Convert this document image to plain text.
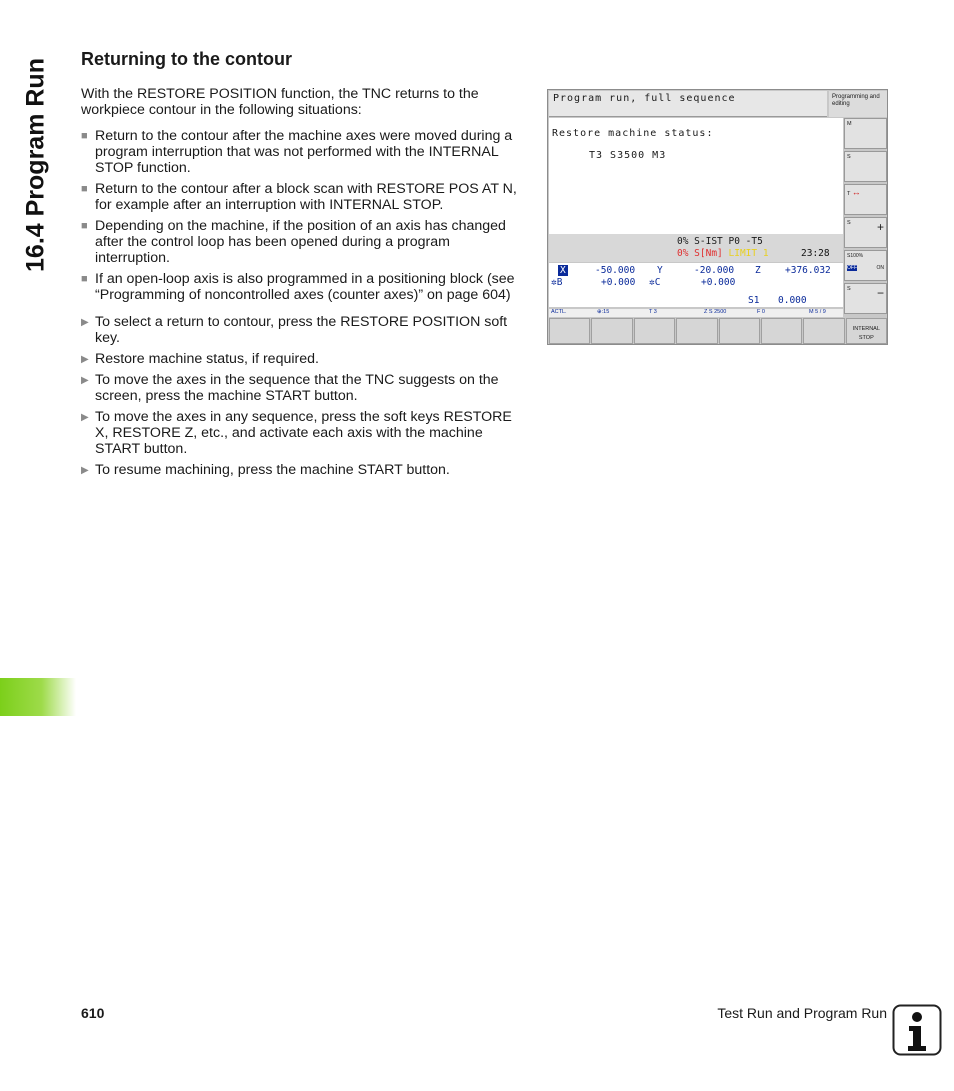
16.4 Program Run Returning to the contour

With the RESTORE POSITION function, the TNC returns to the workpiece contour in the following situations:

■ Return to the contour after the machine axes were moved during a program interruption that was not performed with the INTERNAL STOP function.
■ Return to the contour after a block scan with RESTORE POS AT N, for example after an interruption with INTERNAL STOP.
■ Depending on the machine, if the position of an axis has changed after the control loop has been opened during a program interruption.
■ If an open-loop axis is also programmed in a positioning block (see “Programming of noncontrolled axes (counter axes)” on page 604)
▶ To select a return to contour, press the RESTORE POSITION soft key.
▶ Restore machine status, if required.
▶ To move the axes in the sequence that the TNC suggests on the screen, press the machine START button.
▶ To move the axes in any sequence, press the soft keys RESTORE X, RESTORE Z, etc., and activate each axis with the machine START button.
▶ To resume machining, press the machine START button.
Program run, full sequence	Programming and editing
Restore machine status:
T3 S3500 M3
0% S-IST P0 -T5
0% S[Nm] LIMIT 1	23:28
X	-50.000 Y	-20.000 Z	+376.032
✲B	+0.000 ✲C	+0.000
S1 0.000
ACTL.	⊕:15	T 3	Z S 2500	F 0	M 5 / 9
M
S
T ↔
S +
S100%

OFF	ON
S −
INTERNAL STOP
610	Test Run and Program Run
